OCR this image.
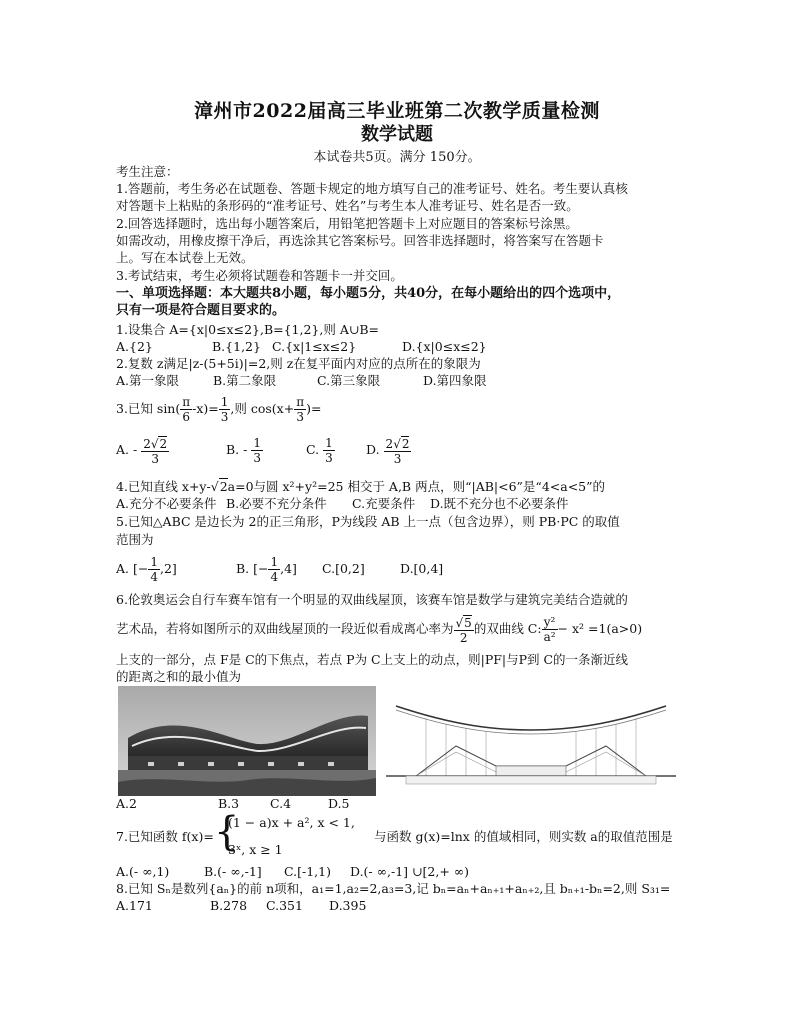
漳州市2022届高三毕业班第二次教学质量检测
数学试题
本试卷共5页。满分 150分。
考生注意：
1.答题前，考生务必在试题卷、答题卡规定的地方填写自己的准考证号、姓名。考生要认真核
对答题卡上粘贴的条形码的“准考证号、姓名”与考生本人准考证号、姓名是否一致。
2.回答选择题时，选出每小题答案后，用铅笔把答题卡上对应题目的答案标号涂黑。
如需改动，用橡皮擦干净后，再选涂其它答案标号。回答非选择题时，将答案写在答题卡
上。写在本试卷上无效。
3.考试结束，考生必须将试题卷和答题卡一并交回。
一、单项选择题：本大题共8小题，每小题5分，共40分，在每小题给出的四个选项中，
只有一项是符合题目要求的。
1.设集合 A={x|0≤x≤2},B={1,2},则 A∪B=
A.{2}	B.{1,2} C.{x|1≤x≤2}	D.{x|0≤x≤2}
2.复数 z满足|z-(5+5i)|=2,则 z在复平面内对应的点所在的象限为
A.第一象限	B.第二象限	C.第三象限	D.第四象限
3.已知 $\sin( \frac{\pi}{6} -x)= \frac{1}{3}$ ,则 $\cos(x+ \frac{\pi}{3}$ )=
A. - $\frac{2√2}{3}$	B. - $\frac{1}{3}$	C. $\frac{1}{3}$	D. $\frac{2√2}{3}$
4.已知直线 x+y-√2a=0与圆 x²+y²=25 相交于 A,B 两点，则“|AB|<6”是“4<a<5”的
A.充分不必要条件 B.必要不充分条件 C.充要条件 D.既不充分也不必要条件
5.已知△ABC 是边长为 2的正三角形，P为线段 AB 上一点（包含边界），则 PB·PC 的取值
范围为
A. [− $\frac{1}{4} ,2$]	B. [− $\frac{1}{4} ,4$] C.[0,2]	D.[0,4]
6.伦敦奥运会自行车赛车馆有一个明显的双曲线屋顶，该赛车馆是数学与建筑完美结合造就的
艺术品，若将如图所示的双曲线屋顶的一段近似看成离心率为 $\frac{√5}{2}$ 的双曲线 C: $\frac{\text{y²}}{\text{a²}} - x^2 =1(a>0)$
上支的一部分，点 F是 C的下焦点，若点 P为 C上支上的动点，则|PF|与P到 C的一条渐近线
的距离之和的最小值为
A.2	B.3 C.4	D.5
7.已知函数 f(x)= {
(1 − a)x + a², x < 1,
3ˣ, x ≥ 1
与函数 g(x)=lnx 的值域相同，则实数 a的取值范围是
A.(- ∞,1)	B.(- ∞,-1] C.[-1,1) D.(- ∞,-1] ∪[2,+ ∞)
8.已知 Sₙ是数列{aₙ}的前 n项和，a₁=1,a₂=2,a₃=3,记 bₙ=aₙ+aₙ₊₁+aₙ₊₂,且 bₙ₊₁-bₙ=2,则 S₃₁=
A.171	B.278 C.351 D.395
